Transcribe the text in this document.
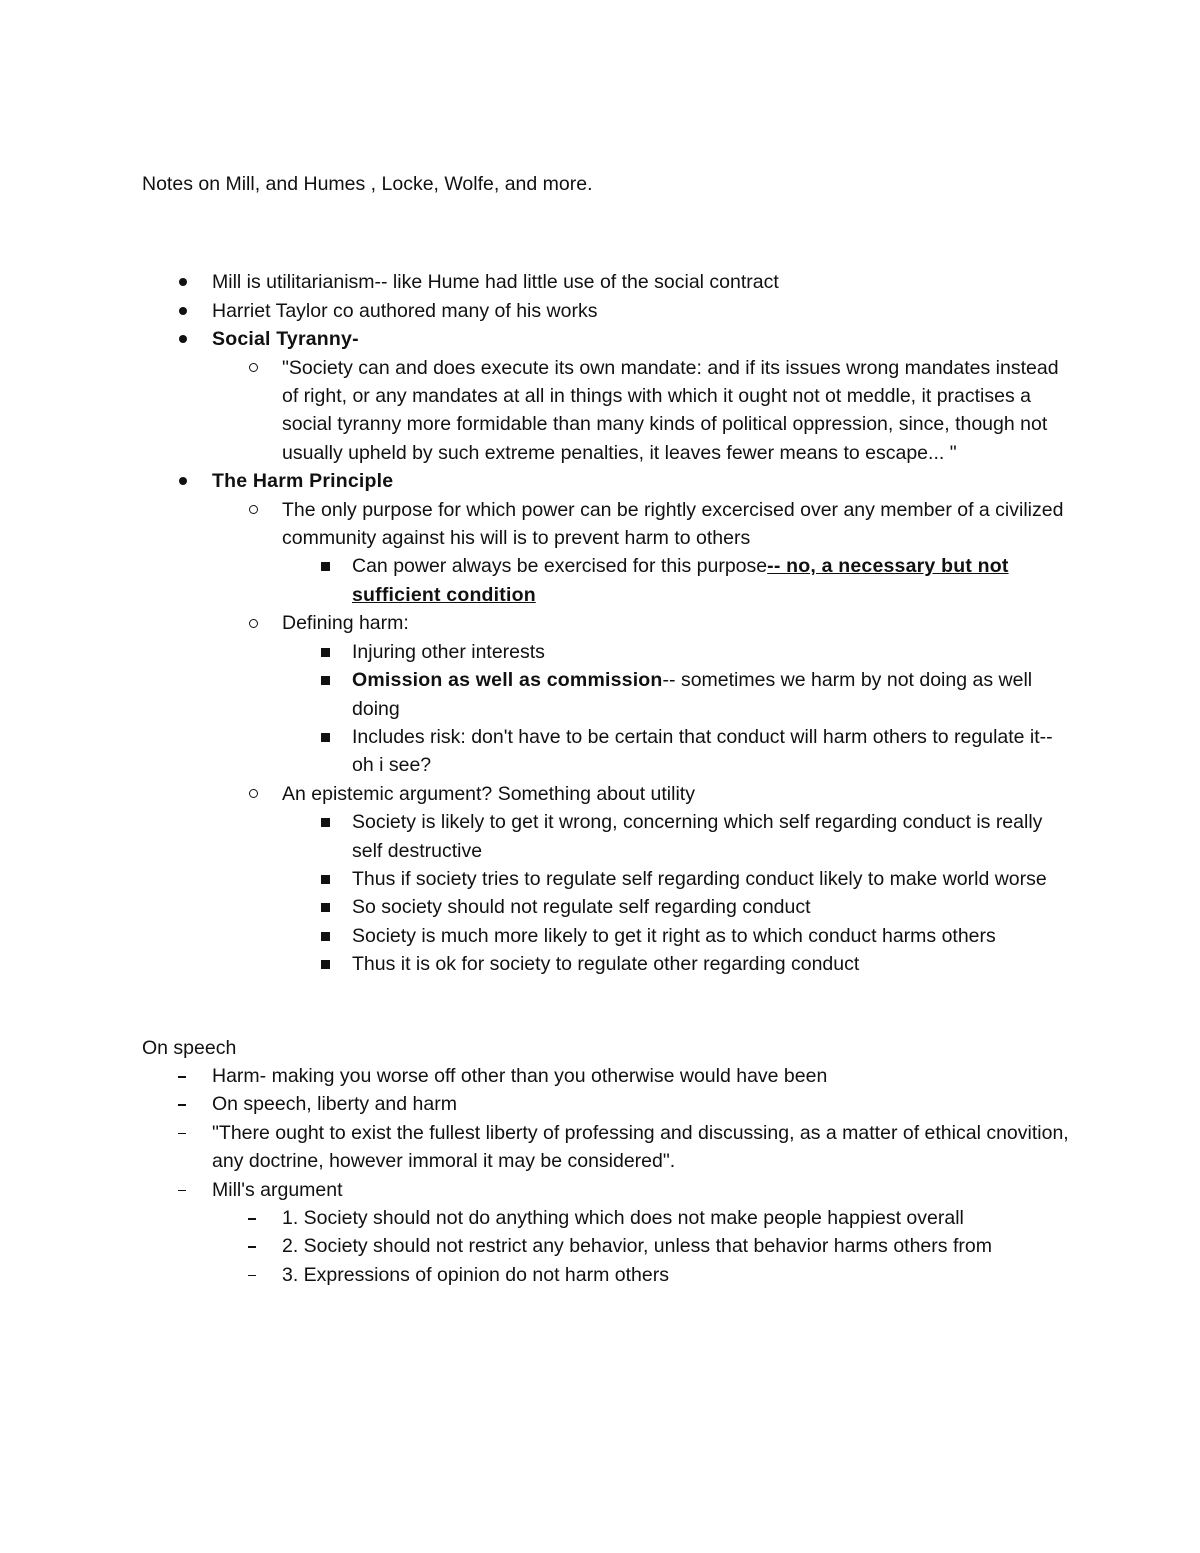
Notes on Mill, and Humes , Locke, Wolfe, and more.
Mill is utilitarianism-- like Hume had little use of the social contract
Harriet Taylor co authored many of his works
Social Tyranny-
"Society can and does execute its own mandate: and if its issues wrong mandates instead of right, or any mandates at all in things with which it ought not ot meddle, it practises a social tyranny more formidable than many kinds of political oppression, since, though not usually upheld by such extreme penalties, it leaves fewer means to escape... "
The Harm Principle
The only purpose for which power can be rightly excercised over any member of a civilized community against his will is to prevent harm to others
Can power always be exercised for this purpose-- no, a necessary but not sufficient condition
Defining harm:
Injuring other interests
Omission as well as commission-- sometimes we harm by not doing as well doing
Includes risk: don't have to be certain that conduct will harm others to regulate it-- oh i see?
An epistemic argument? Something about utility
Society is likely to get it wrong, concerning which self regarding conduct is really self destructive
Thus if society tries to regulate self regarding conduct likely to make world worse
So society should not regulate self regarding conduct
Society is much more likely to get it right as to which conduct harms others
Thus it is ok for society to regulate other regarding conduct
On speech
Harm- making you worse off other than you otherwise would have been
On speech, liberty and harm
"There ought to exist the fullest liberty of professing and discussing, as a matter of ethical cnovition, any doctrine, however immoral it may be considered".
Mill's argument
1. Society should not do anything which does not make people happiest overall
2. Society should not restrict any behavior, unless that behavior harms others from
3. Expressions of opinion do not harm others
